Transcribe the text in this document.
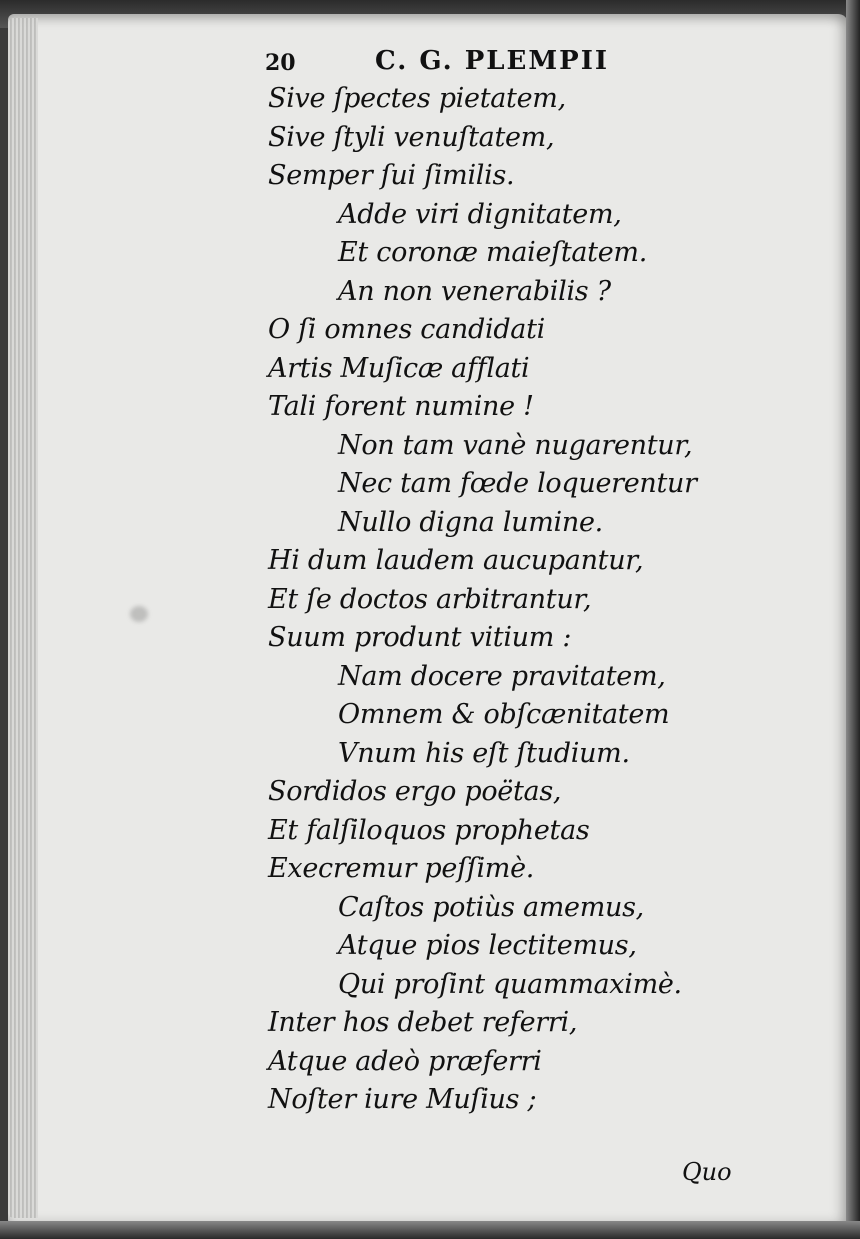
20	C. G. PLEMPII
Sive ſpectes pietatem,
Sive ſtyli venuſtatem,
Semper ſui ſimilis.
Adde viri dignitatem,
Et coronæ maieſtatem.
An non venerabilis ?
O ſi omnes candidati
Artis Muſicæ afflati
Tali forent numine !
Non tam vanè nugarentur,
Nec tam fœde loquerentur
Nullo digna lumine.
Hi dum laudem aucupantur,
Et ſe doctos arbitrantur,
Suum produnt vitium :
Nam docere pravitatem,
Omnem & obſcænitatem
Vnum his eſt ſtudium.
Sordidos ergo poëtas,
Et falſiloquos prophetas
Execremur peſſimè.
Caſtos potiùs amemus,
Atque pios lectitemus,
Qui proſint quammaximè.
Inter hos debet referri,
Atque adeò præferri
Noſter iure Muſius ;
Quo
